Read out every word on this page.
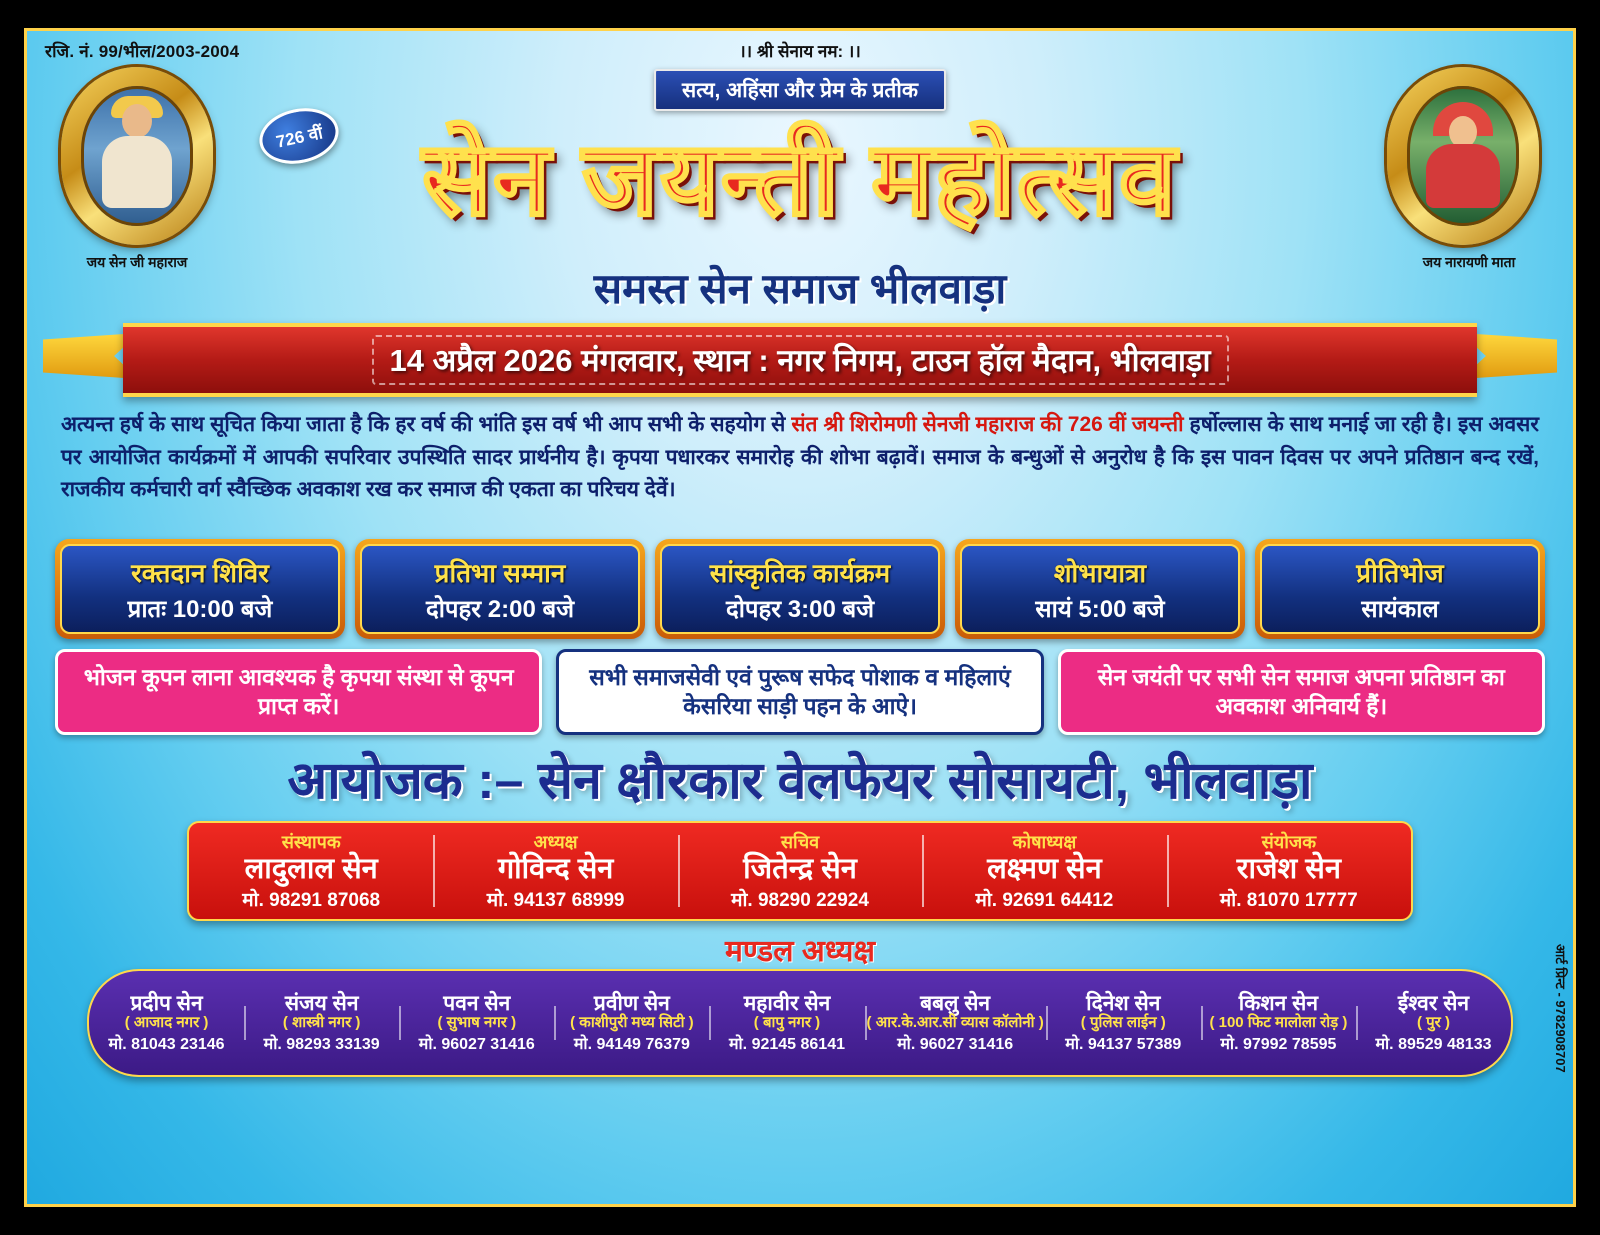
रजि. नं. 99/भील/2003-2004	।। श्री सेनाय नम: ।।
जय सेन जी महाराज	जय नारायणी माता
सत्य, अहिंसा और प्रेम के प्रतीक
726 वीं सेन जयन्ती महोत्सव
समस्त सेन समाज भीलवाड़ा
14 अप्रैल 2026 मंगलवार, स्थान : नगर निगम, टाउन हॉल मैदान, भीलवाड़ा
अत्यन्त हर्ष के साथ सूचित किया जाता है कि हर वर्ष की भांति इस वर्ष भी आप सभी के सहयोग से संत श्री शिरोमणी सेनजी महाराज की 726 वीं जयन्ती हर्षोल्लास के साथ मनाई जा रही है। इस अवसर पर आयोजित कार्यक्रमों में आपकी सपरिवार उपस्थिति सादर प्रार्थनीय है। कृपया पधारकर समारोह की शोभा बढ़ावें। समाज के बन्धुओं से अनुरोध है कि इस पावन दिवस पर अपने प्रतिष्ठान बन्द रखें, राजकीय कर्मचारी वर्ग स्वैच्छिक अवकाश रख कर समाज की एकता का परिचय देवें।
रक्तदान शिविर
प्रातः 10:00 बजे
प्रतिभा सम्मान
दोपहर 2:00 बजे
सांस्कृतिक कार्यक्रम
दोपहर 3:00 बजे
शोभायात्रा
सायं 5:00 बजे
प्रीतिभोज
सायंकाल
भोजन कूपन लाना आवश्यक है कृपया संस्था से कूपन प्राप्त करें।
सभी समाजसेवी एवं पुरूष सफेद पोशाक व महिलाएं केसरिया साड़ी पहन के आऐ।
सेन जयंती पर सभी सेन समाज अपना प्रतिष्ठान का अवकाश अनिवार्य हैं।
आयोजक :– सेन क्षौरकार वेलफेयर सोसायटी, भीलवाड़ा
संस्थापक
लादुलाल सेन
मो. 98291 87068
अध्यक्ष
गोविन्द सेन
मो. 94137 68999
सचिव
जितेन्द्र सेन
मो. 98290 22924
कोषाध्यक्ष
लक्ष्मण सेन
मो. 92691 64412
संयोजक
राजेश सेन
मो. 81070 17777
मण्डल अध्यक्ष
प्रदीप सेन
( आजाद नगर )
मो. 81043 23146
संजय सेन
( शास्त्री नगर )
मो. 98293 33139
पवन सेन
( सुभाष नगर )
मो. 96027 31416
प्रवीण सेन
( काशीपुरी मध्य सिटी )
मो. 94149 76379
महावीर सेन
( बापु नगर )
मो. 92145 86141
बबलु सेन
( आर.के.आर.सी व्यास कॉलोनी )
मो. 96027 31416
दिनेश सेन
( पुलिस लाईन )
मो. 94137 57389
किशन सेन
( 100 फिट मालोला रोड़ )
मो. 97992 78595
ईश्वर सेन
( पुर )
मो. 89529 48133	आर्ट प्रिन्ट - 9782908707
